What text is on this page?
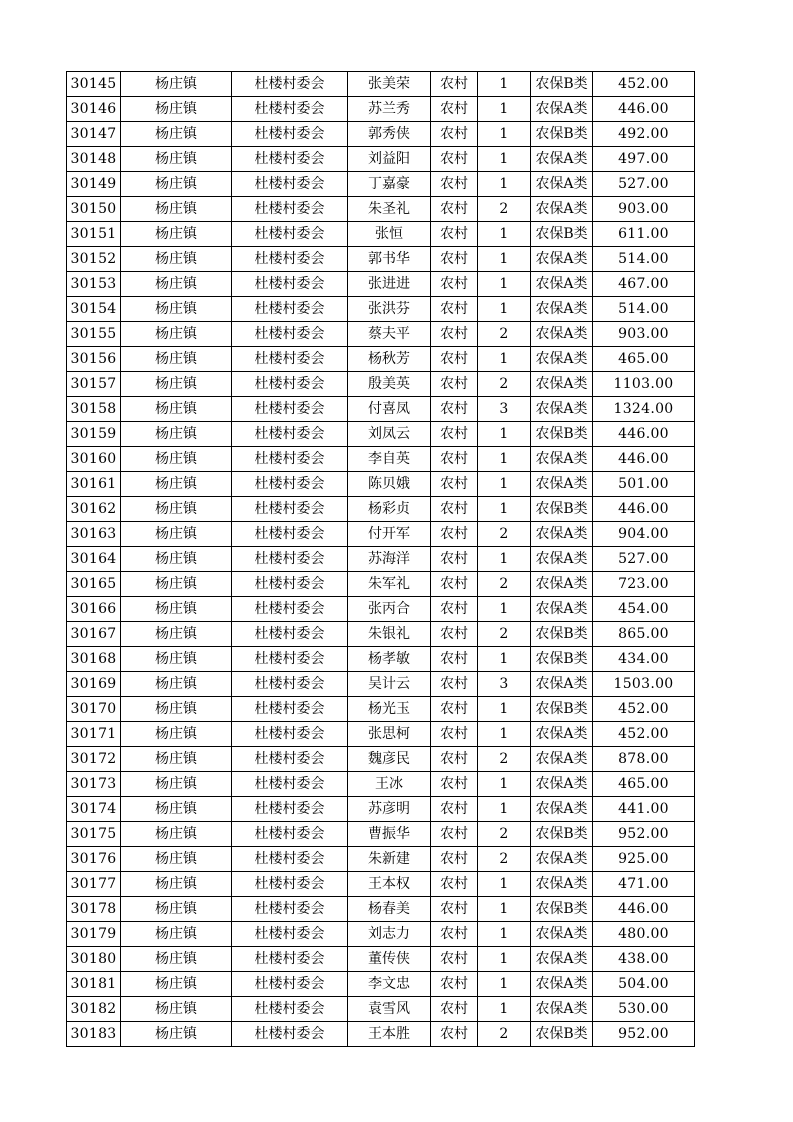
30145	杨庄镇	杜楼村委会	张美荣	农村	1	农保B类	452.00
30146	杨庄镇	杜楼村委会	苏兰秀	农村	1	农保A类	446.00
30147	杨庄镇	杜楼村委会	郭秀侠	农村	1	农保B类	492.00
30148	杨庄镇	杜楼村委会	刘益阳	农村	1	农保A类	497.00
30149	杨庄镇	杜楼村委会	丁嘉豪	农村	1	农保A类	527.00
30150	杨庄镇	杜楼村委会	朱圣礼	农村	2	农保A类	903.00
30151	杨庄镇	杜楼村委会	张恒	农村	1	农保B类	611.00
30152	杨庄镇	杜楼村委会	郭书华	农村	1	农保A类	514.00
30153	杨庄镇	杜楼村委会	张进进	农村	1	农保A类	467.00
30154	杨庄镇	杜楼村委会	张洪芬	农村	1	农保A类	514.00
30155	杨庄镇	杜楼村委会	蔡夫平	农村	2	农保A类	903.00
30156	杨庄镇	杜楼村委会	杨秋芳	农村	1	农保A类	465.00
30157	杨庄镇	杜楼村委会	殷美英	农村	2	农保A类	1103.00
30158	杨庄镇	杜楼村委会	付喜凤	农村	3	农保A类	1324.00
30159	杨庄镇	杜楼村委会	刘凤云	农村	1	农保B类	446.00
30160	杨庄镇	杜楼村委会	李自英	农村	1	农保A类	446.00
30161	杨庄镇	杜楼村委会	陈贝娥	农村	1	农保A类	501.00
30162	杨庄镇	杜楼村委会	杨彩贞	农村	1	农保B类	446.00
30163	杨庄镇	杜楼村委会	付开军	农村	2	农保A类	904.00
30164	杨庄镇	杜楼村委会	苏海洋	农村	1	农保A类	527.00
30165	杨庄镇	杜楼村委会	朱军礼	农村	2	农保A类	723.00
30166	杨庄镇	杜楼村委会	张丙合	农村	1	农保A类	454.00
30167	杨庄镇	杜楼村委会	朱银礼	农村	2	农保B类	865.00
30168	杨庄镇	杜楼村委会	杨孝敏	农村	1	农保B类	434.00
30169	杨庄镇	杜楼村委会	吴计云	农村	3	农保A类	1503.00
30170	杨庄镇	杜楼村委会	杨光玉	农村	1	农保B类	452.00
30171	杨庄镇	杜楼村委会	张思柯	农村	1	农保A类	452.00
30172	杨庄镇	杜楼村委会	魏彦民	农村	2	农保A类	878.00
30173	杨庄镇	杜楼村委会	王冰	农村	1	农保A类	465.00
30174	杨庄镇	杜楼村委会	苏彦明	农村	1	农保A类	441.00
30175	杨庄镇	杜楼村委会	曹振华	农村	2	农保B类	952.00
30176	杨庄镇	杜楼村委会	朱新建	农村	2	农保A类	925.00
30177	杨庄镇	杜楼村委会	王本权	农村	1	农保A类	471.00
30178	杨庄镇	杜楼村委会	杨春美	农村	1	农保B类	446.00
30179	杨庄镇	杜楼村委会	刘志力	农村	1	农保A类	480.00
30180	杨庄镇	杜楼村委会	董传侠	农村	1	农保A类	438.00
30181	杨庄镇	杜楼村委会	李文忠	农村	1	农保A类	504.00
30182	杨庄镇	杜楼村委会	袁雪风	农村	1	农保A类	530.00
30183	杨庄镇	杜楼村委会	王本胜	农村	2	农保B类	952.00
